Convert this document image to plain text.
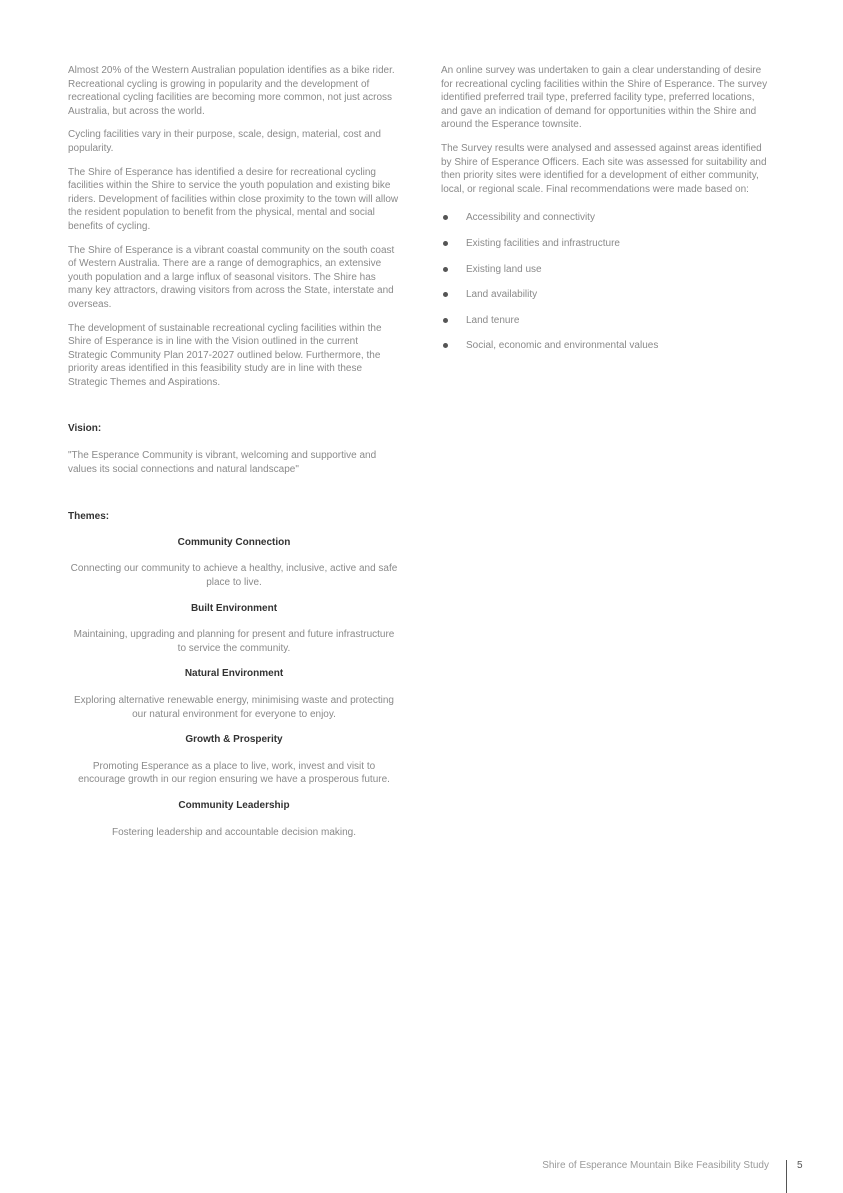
Almost 20% of the Western Australian population identifies as a bike rider. Recreational cycling is growing in popularity and the development of recreational cycling facilities are becoming more common, not just across Australia, but across the world.

Cycling facilities vary in their purpose, scale, design, material, cost and popularity.

The Shire of Esperance has identified a desire for recreational cycling facilities within the Shire to service the youth population and existing bike riders. Development of facilities within close proximity to the town will allow the resident population to benefit from the physical, mental and social benefits of cycling.

The Shire of Esperance is a vibrant coastal community on the south coast of Western Australia. There are a range of demographics, an extensive youth population and a large influx of seasonal visitors. The Shire has many key attractors, drawing visitors from across the State, interstate and overseas.

The development of sustainable recreational cycling facilities within the Shire of Esperance is in line with the Vision outlined in the current Strategic Community Plan 2017-2027 outlined below. Furthermore, the priority areas identified in this feasibility study are in line with these Strategic Themes and Aspirations.

Vision:

"The Esperance Community is vibrant, welcoming and supportive and values its social connections and natural landscape"

Themes:
Community Connection

Connecting our community to achieve a healthy, inclusive, active and safe place to live.

Built Environment

Maintaining, upgrading and planning for present and future infrastructure to service the community.

Natural Environment

Exploring alternative renewable energy, minimising waste and protecting our natural environment for everyone to enjoy.

Growth & Prosperity

Promoting Esperance as a place to live, work, invest and visit to encourage growth in our region ensuring we have a prosperous future.

Community Leadership

Fostering leadership and accountable decision making.

An online survey was undertaken to gain a clear understanding of desire for recreational cycling facilities within the Shire of Esperance. The survey identified preferred trail type, preferred facility type, preferred locations, and gave an indication of demand for opportunities within the Shire and around the Esperance townsite.

The Survey results were analysed and assessed against areas identified by Shire of Esperance Officers. Each site was assessed for suitability and then priority sites were identified for a development of either community, local, or regional scale. Final recommendations were made based on:

Accessibility and connectivity
Existing facilities and infrastructure
Existing land use
Land availability
Land tenure
Social, economic and environmental values
Shire of Esperance Mountain Bike Feasibility Study	5
